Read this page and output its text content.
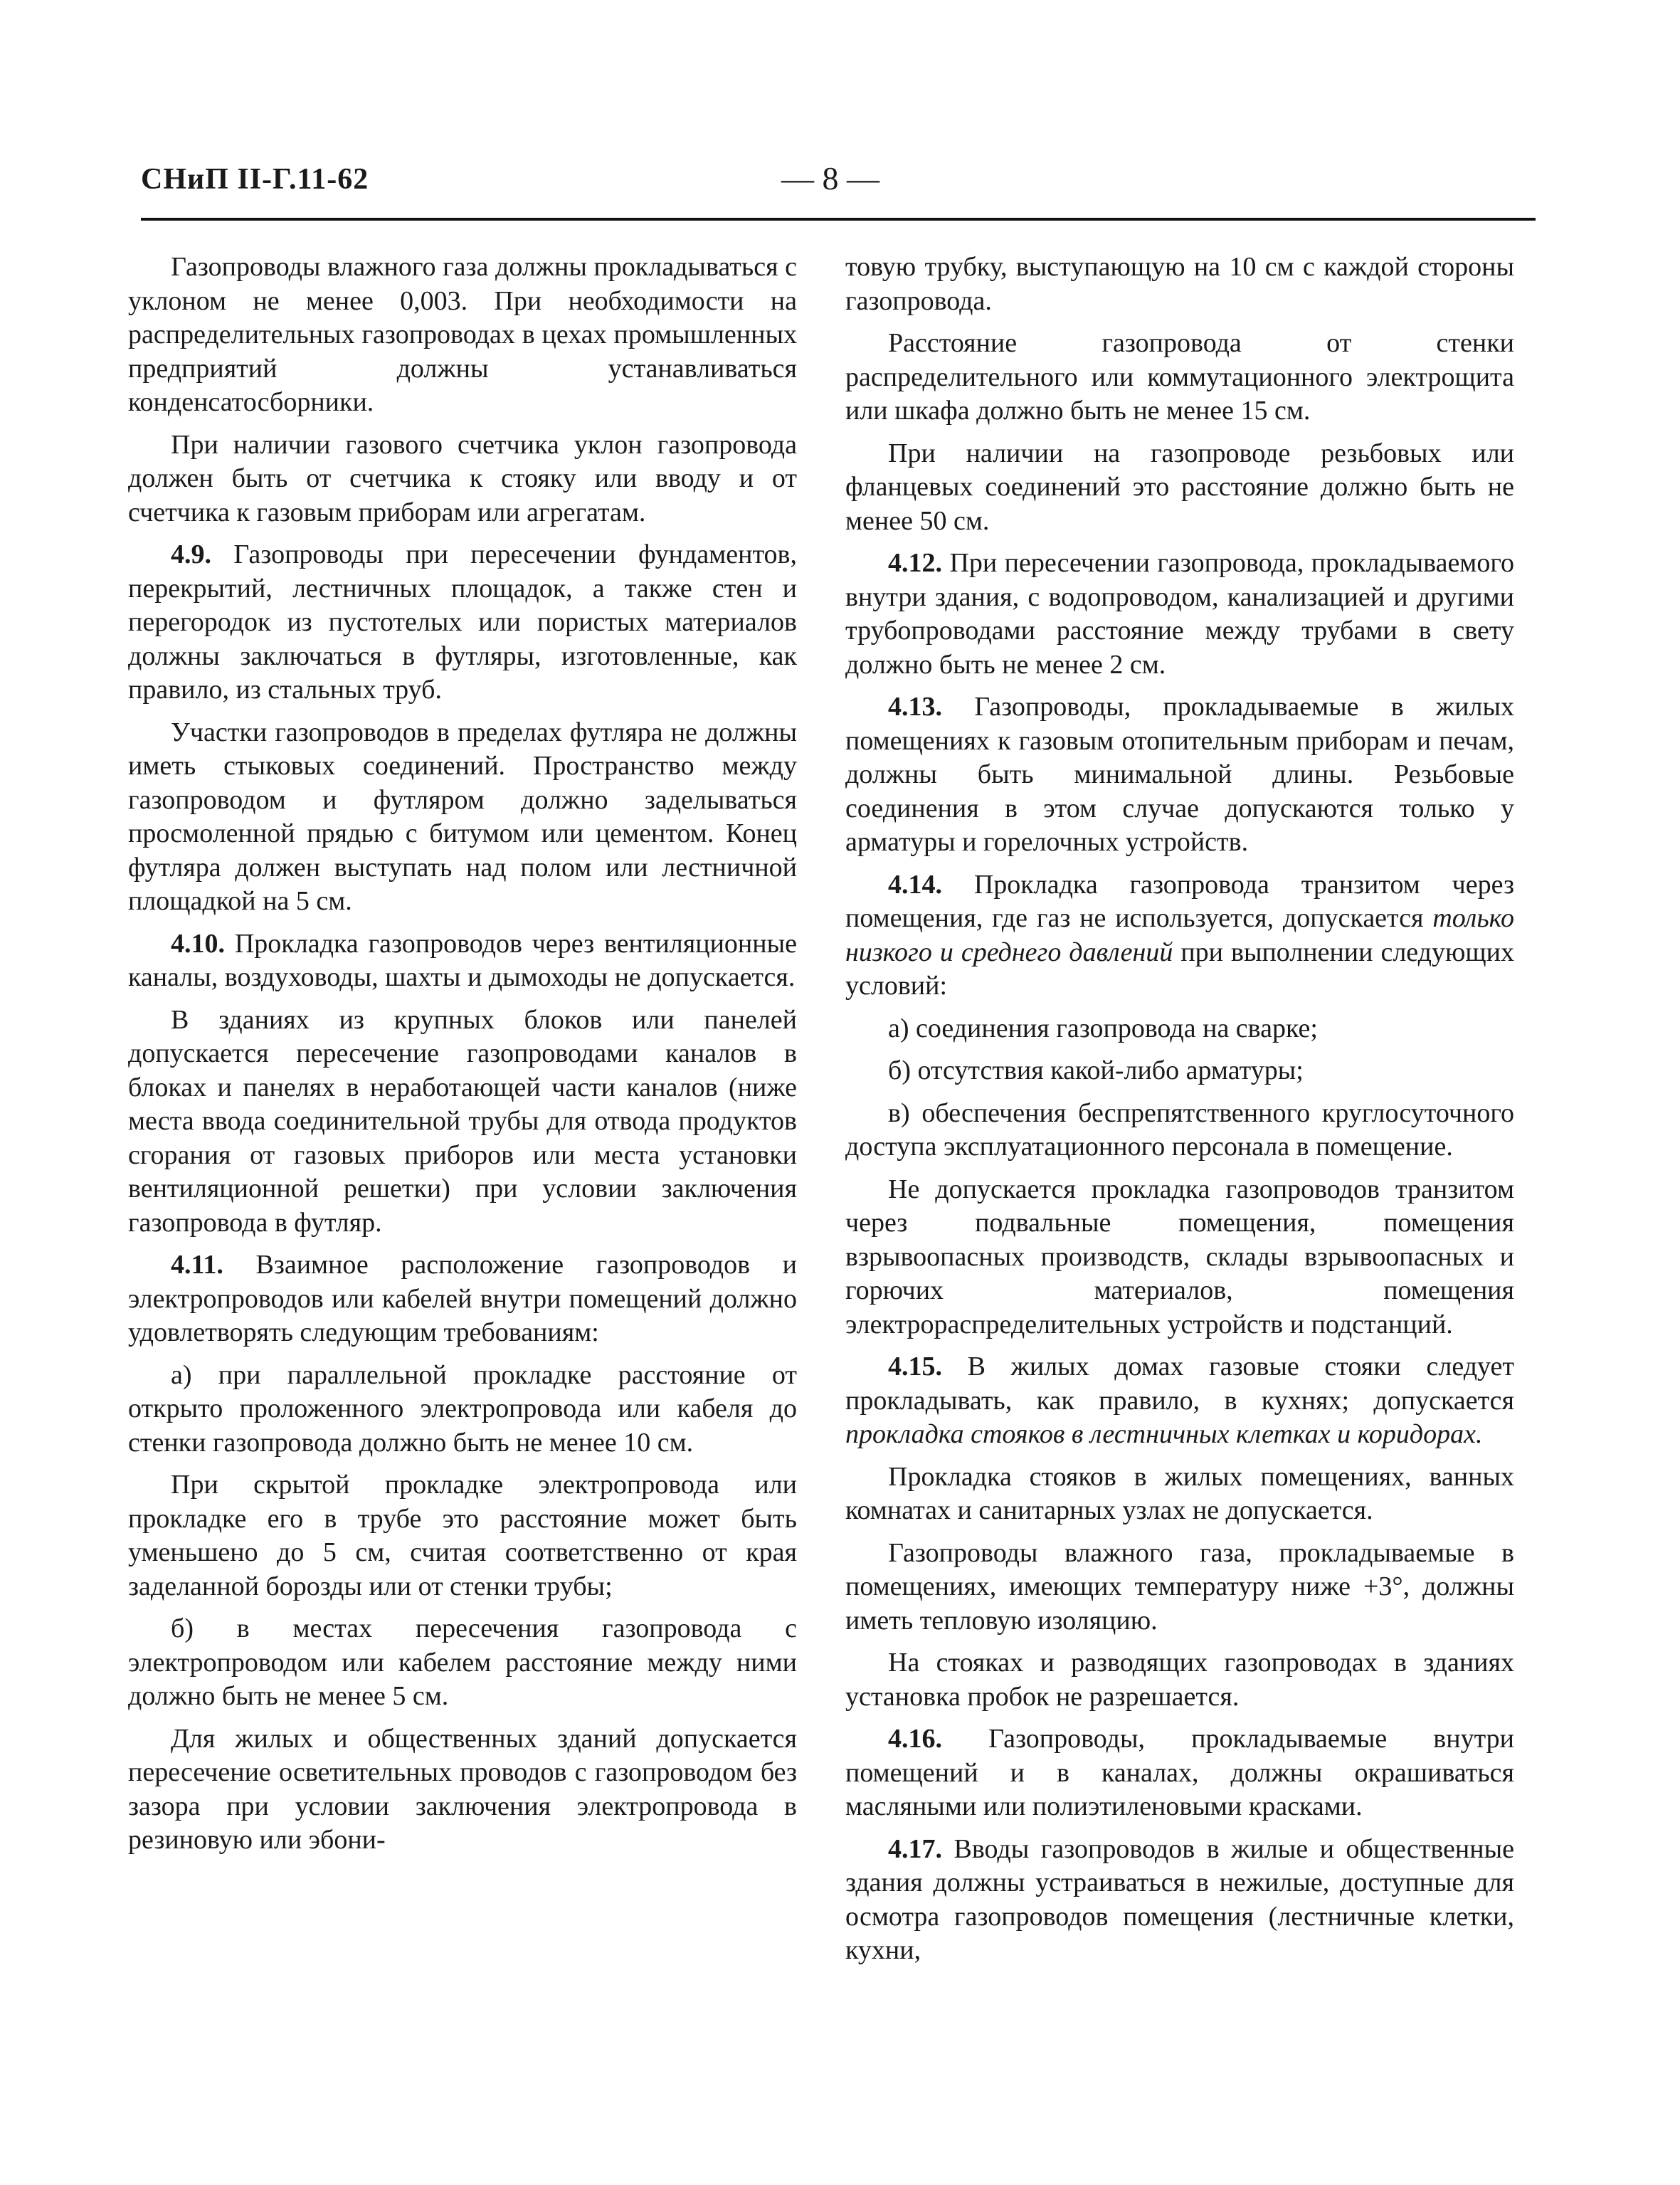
СНиП II-Г.11-62	— 8 —

Газопроводы влажного газа должны прокладываться с уклоном не менее 0,003. При необходимости на распределительных газопроводах в цехах промышленных предприятий должны устанавливаться конденсатосборники.

При наличии газового счетчика уклон газопровода должен быть от счетчика к стояку или вводу и от счетчика к газовым приборам или агрегатам.

4.9. Газопроводы при пересечении фундаментов, перекрытий, лестничных площадок, а также стен и перегородок из пустотелых или пористых материалов должны заключаться в футляры, изготовленные, как правило, из стальных труб.

Участки газопроводов в пределах футляра не должны иметь стыковых соединений. Пространство между газопроводом и футляром должно заделываться просмоленной прядью с битумом или цементом. Конец футляра должен выступать над полом или лестничной площадкой на 5 см.

4.10. Прокладка газопроводов через вентиляционные каналы, воздуховоды, шахты и дымоходы не допускается.

В зданиях из крупных блоков или панелей допускается пересечение газопроводами каналов в блоках и панелях в неработающей части каналов (ниже места ввода соединительной трубы для отвода продуктов сгорания от газовых приборов или места установки вентиляционной решетки) при условии заключения газопровода в футляр.

4.11. Взаимное расположение газопроводов и электропроводов или кабелей внутри помещений должно удовлетворять следующим требованиям:

а) при параллельной прокладке расстояние от открыто проложенного электропровода или кабеля до стенки газопровода должно быть не менее 10 см.

При скрытой прокладке электропровода или прокладке его в трубе это расстояние может быть уменьшено до 5 см, считая соответственно от края заделанной борозды или от стенки трубы;

б) в местах пересечения газопровода с электропроводом или кабелем расстояние между ними должно быть не менее 5 см.

Для жилых и общественных зданий допускается пересечение осветительных проводов с газопроводом без зазора при условии заключения электропровода в резиновую или эбони-

товую трубку, выступающую на 10 см с каждой стороны газопровода.

Расстояние газопровода от стенки распределительного или коммутационного электрощита или шкафа должно быть не менее 15 см.

При наличии на газопроводе резьбовых или фланцевых соединений это расстояние должно быть не менее 50 см.

4.12. При пересечении газопровода, прокладываемого внутри здания, с водопроводом, канализацией и другими трубопроводами расстояние между трубами в свету должно быть не менее 2 см.

4.13. Газопроводы, прокладываемые в жилых помещениях к газовым отопительным приборам и печам, должны быть минимальной длины. Резьбовые соединения в этом случае допускаются только у арматуры и горелочных устройств.

4.14. Прокладка газопровода транзитом через помещения, где газ не используется, допускается только низкого и среднего давлений при выполнении следующих условий:

а) соединения газопровода на сварке;

б) отсутствия какой-либо арматуры;

в) обеспечения беспрепятственного круглосуточного доступа эксплуатационного персонала в помещение.

Не допускается прокладка газопроводов транзитом через подвальные помещения, помещения взрывоопасных производств, склады взрывоопасных и горючих материалов, помещения электрораспределительных устройств и подстанций.

4.15. В жилых домах газовые стояки следует прокладывать, как правило, в кухнях; допускается прокладка стояков в лестничных клетках и коридорах.

Прокладка стояков в жилых помещениях, ванных комнатах и санитарных узлах не допускается.

Газопроводы влажного газа, прокладываемые в помещениях, имеющих температуру ниже +3°, должны иметь тепловую изоляцию.

На стояках и разводящих газопроводах в зданиях установка пробок не разрешается.

4.16. Газопроводы, прокладываемые внутри помещений и в каналах, должны окрашиваться масляными или полиэтиленовыми красками.

4.17. Вводы газопроводов в жилые и общественные здания должны устраиваться в нежилые, доступные для осмотра газопроводов помещения (лестничные клетки, кухни,
